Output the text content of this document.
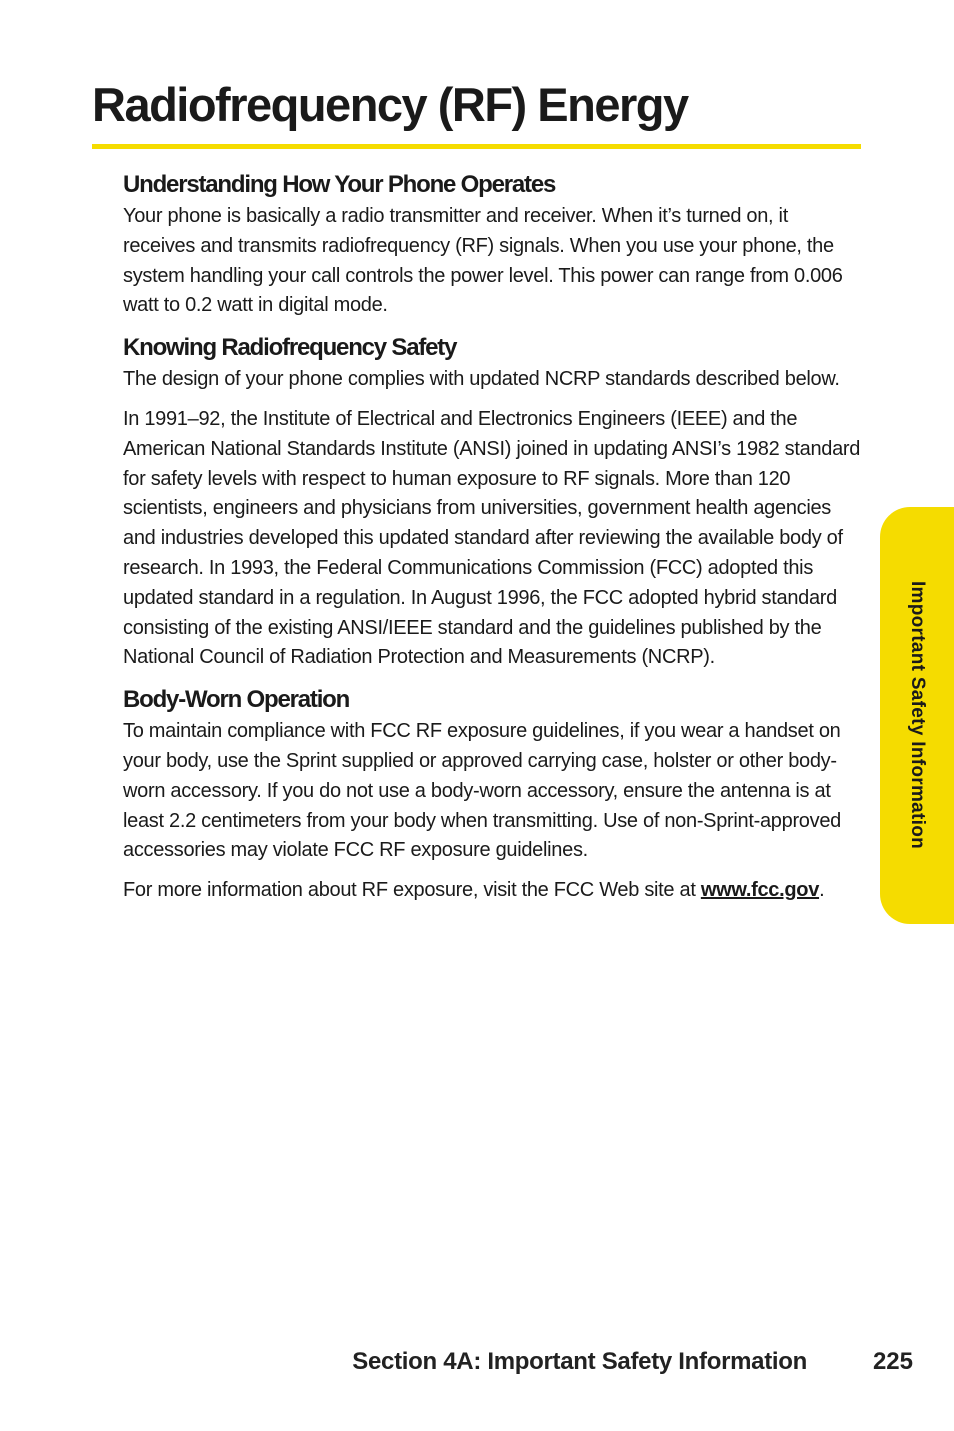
Radiofrequency (RF) Energy
Understanding How Your Phone Operates

Your phone is basically a radio transmitter and receiver. When it’s turned on, it receives and transmits radiofrequency (RF) signals. When you use your phone, the system handling your call controls the power level. This power can range from 0.006 watt to 0.2 watt in digital mode.

Knowing Radiofrequency Safety

The design of your phone complies with updated NCRP standards described below.

In 1991–92, the Institute of Electrical and Electronics Engineers (IEEE) and the American National Standards Institute (ANSI) joined in updating ANSI’s 1982 standard for safety levels with respect to human exposure to RF signals. More than 120 scientists, engineers and physicians from universities, government health agencies and industries developed this updated standard after reviewing the available body of research. In 1993, the Federal Communications Commission (FCC) adopted this updated standard in a regulation. In August 1996, the FCC adopted hybrid standard consisting of the existing ANSI/IEEE standard and the guidelines published by the National Council of Radiation Protection and Measurements (NCRP).

Body-Worn Operation

To maintain compliance with FCC RF exposure guidelines, if you wear a handset on your body, use the Sprint supplied or approved carrying case, holster or other body-worn accessory. If you do not use a body-worn accessory, ensure the antenna is at least 2.2 centimeters from your body when transmitting. Use of non-Sprint-approved accessories may violate FCC RF exposure guidelines.

For more information about RF exposure, visit the FCC Web site at www.fcc.gov.

Important Safety Information
Section 4A: Important Safety Information	225
